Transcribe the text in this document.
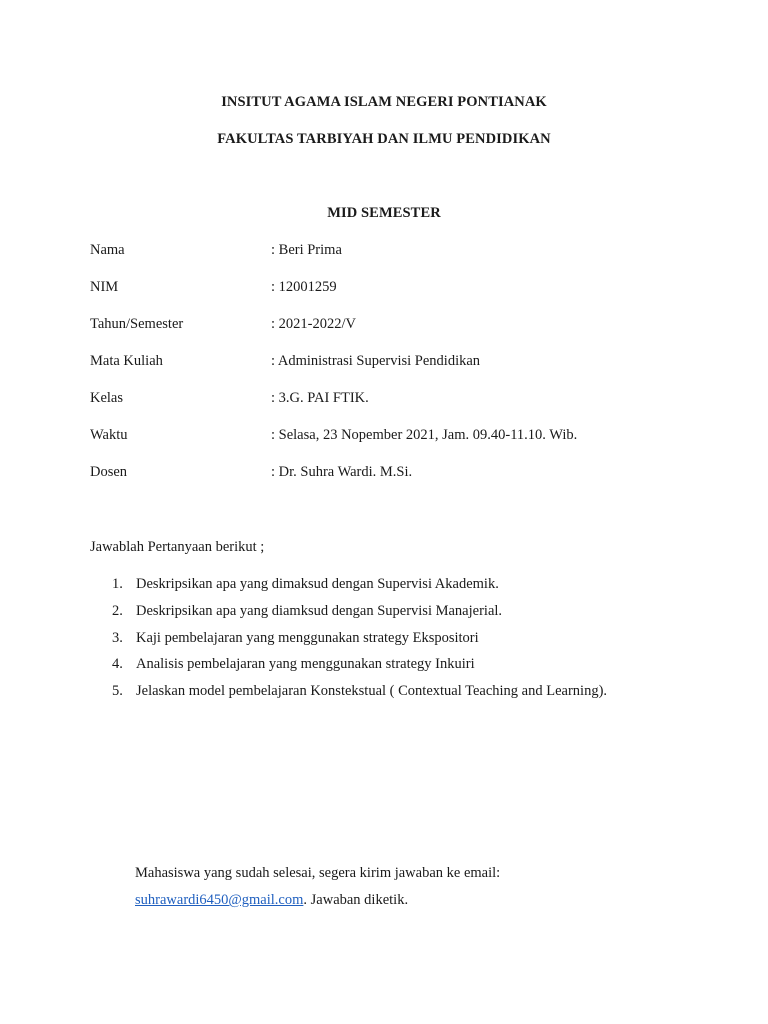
INSITUT AGAMA ISLAM NEGERI PONTIANAK
FAKULTAS TARBIYAH DAN ILMU PENDIDIKAN
MID SEMESTER
Nama	: Beri Prima
NIM	: 12001259
Tahun/Semester	: 2021-2022/V
Mata Kuliah	: Administrasi Supervisi Pendidikan
Kelas	: 3.G. PAI FTIK.
Waktu	: Selasa, 23 Nopember 2021, Jam. 09.40-11.10. Wib.
Dosen	: Dr. Suhra Wardi. M.Si.
Jawablah Pertanyaan berikut ;
1. Deskripsikan apa yang dimaksud dengan Supervisi Akademik.
2. Deskripsikan apa yang diamksud dengan Supervisi Manajerial.
3. Kaji pembelajaran yang menggunakan strategy Ekspositori
4. Analisis pembelajaran yang menggunakan strategy Inkuiri
5. Jelaskan model pembelajaran Konstekstual ( Contextual Teaching and Learning).
Mahasiswa yang sudah selesai, segera kirim jawaban ke email:
suhrawardi6450@gmail.com. Jawaban diketik.
